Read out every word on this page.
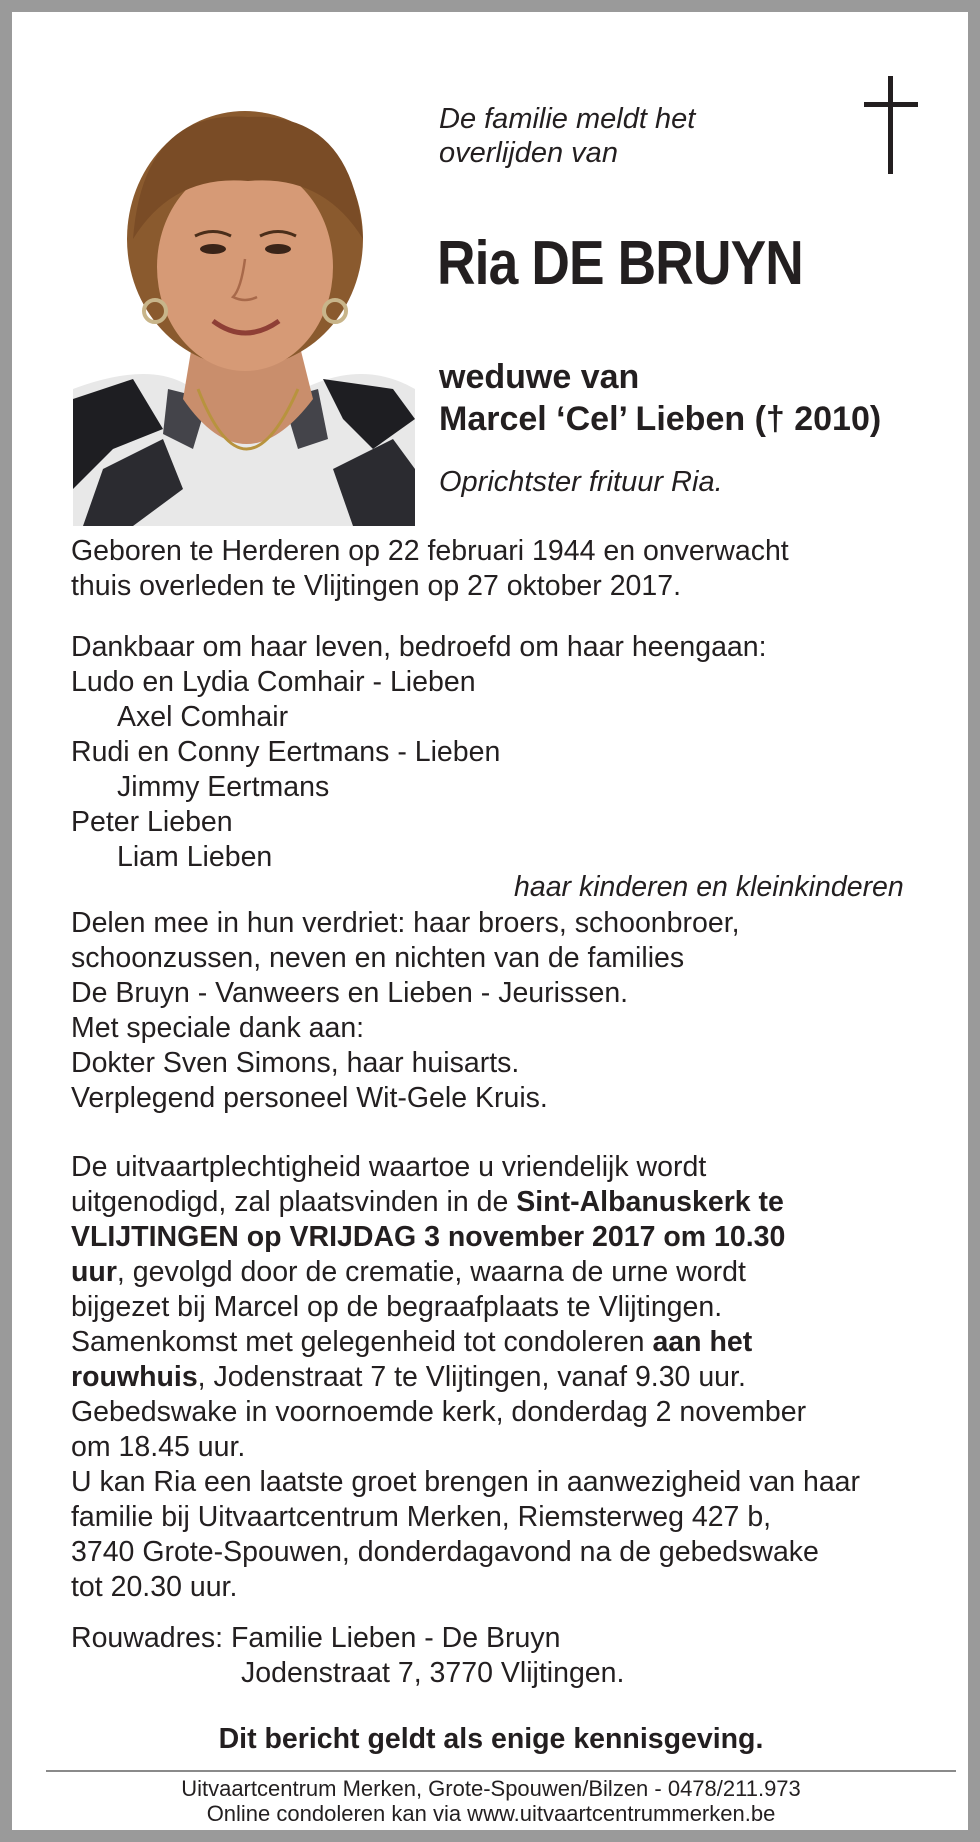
De familie meldt het
overlijden van
Ria DE BRUYN
weduwe van
Marcel ‘Cel’ Lieben († 2010)
Oprichtster frituur Ria.
Geboren te Herderen op 22 februari 1944 en onverwacht
thuis overleden te Vlijtingen op 27 oktober 2017.
Dankbaar om haar leven, bedroefd om haar heengaan:
Ludo en Lydia Comhair - Lieben
Axel Comhair
Rudi en Conny Eertmans - Lieben
Jimmy Eertmans
Peter Lieben
Liam Lieben
haar kinderen en kleinkinderen
Delen mee in hun verdriet: haar broers, schoonbroer,
schoonzussen, neven en nichten van de families
De Bruyn - Vanweers en Lieben - Jeurissen.
Met speciale dank aan:
Dokter Sven Simons, haar huisarts.
Verplegend personeel Wit-Gele Kruis.
De uitvaartplechtigheid waartoe u vriendelijk wordt
uitgenodigd, zal plaatsvinden in de Sint-Albanuskerk te
VLIJTINGEN op VRIJDAG 3 november 2017 om 10.30
uur, gevolgd door de crematie, waarna de urne wordt
bijgezet bij Marcel op de begraafplaats te Vlijtingen.
Samenkomst met gelegenheid tot condoleren aan het
rouwhuis, Jodenstraat 7 te Vlijtingen, vanaf 9.30 uur.
Gebedswake in voornoemde kerk, donderdag 2 november
om 18.45 uur.
U kan Ria een laatste groet brengen in aanwezigheid van haar
familie bij Uitvaartcentrum Merken, Riemsterweg 427 b,
3740 Grote-Spouwen, donderdagavond na de gebedswake
tot 20.30 uur.
Rouwadres: Familie Lieben - De Bruyn
Jodenstraat 7, 3770 Vlijtingen.
Dit bericht geldt als enige kennisgeving.
Uitvaartcentrum Merken, Grote-Spouwen/Bilzen - 0478/211.973
Online condoleren kan via www.uitvaartcentrummerken.be
